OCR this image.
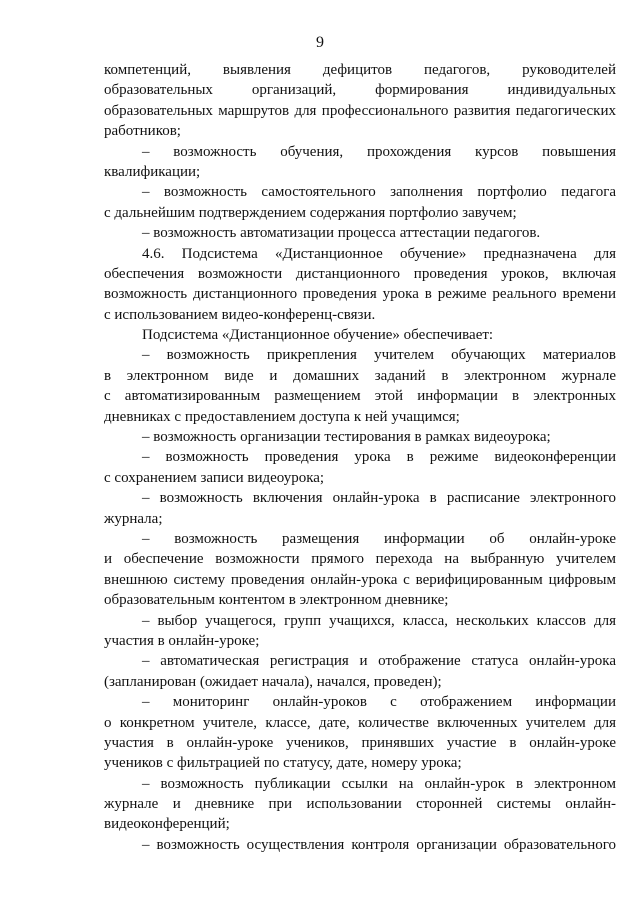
9
компетенций, выявления дефицитов педагогов, руководителей
образовательных организаций, формирования индивидуальных
образовательных маршрутов для профессионального развития педагогических
работников;
– возможность обучения, прохождения курсов повышения
квалификации;
– возможность самостоятельного заполнения портфолио педагога
с дальнейшим подтверждением содержания портфолио завучем;
– возможность автоматизации процесса аттестации педагогов.
4.6. Подсистема «Дистанционное обучение» предназначена для
обеспечения возможности дистанционного проведения уроков, включая
возможность дистанционного проведения урока в режиме реального времени
с использованием видео-конференц-связи.
Подсистема «Дистанционное обучение» обеспечивает:
– возможность прикрепления учителем обучающих материалов
в электронном виде и домашних заданий в электронном журнале
с автоматизированным размещением этой информации в электронных
дневниках с предоставлением доступа к ней учащимся;
– возможность организации тестирования в рамках видеоурока;
– возможность проведения урока в режиме видеоконференции
с сохранением записи видеоурока;
– возможность включения онлайн-урока в расписание электронного
журнала;
– возможность размещения информации об онлайн-уроке
и обеспечение возможности прямого перехода на выбранную учителем
внешнюю систему проведения онлайн-урока с верифицированным цифровым
образовательным контентом в электронном дневнике;
– выбор учащегося, групп учащихся, класса, нескольких классов для
участия в онлайн-уроке;
– автоматическая регистрация и отображение статуса онлайн-урока
(запланирован (ожидает начала), начался, проведен);
– мониторинг онлайн-уроков с отображением информации
о конкретном учителе, классе, дате, количестве включенных учителем для
участия в онлайн-уроке учеников, принявших участие в онлайн-уроке
учеников с фильтрацией по статусу, дате, номеру урока;
– возможность публикации ссылки на онлайн-урок в электронном
журнале и дневнике при использовании сторонней системы онлайн-
видеоконференций;
– возможность осуществления контроля организации образовательного
